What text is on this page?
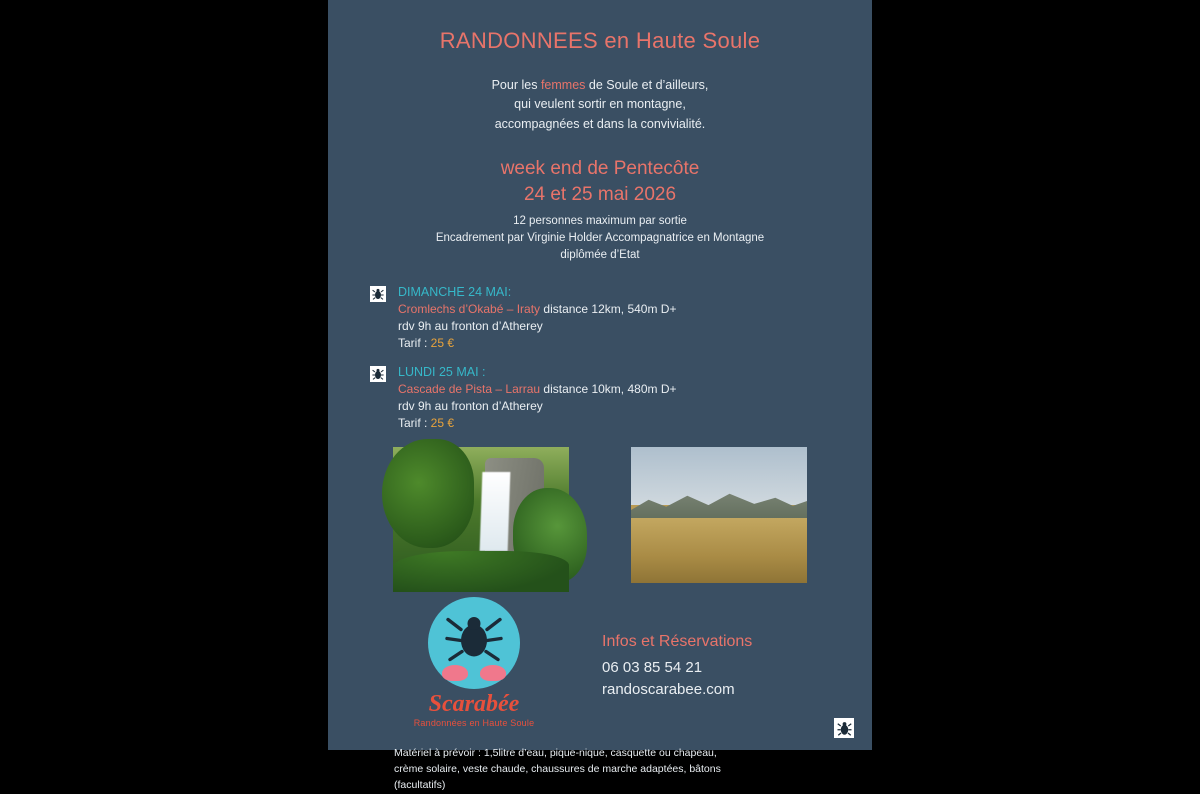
RANDONNEES en Haute Soule
Pour les femmes de Soule et d’ailleurs,
qui veulent sortir en montagne,
accompagnées et dans la convivialité.
week end de Pentecôte
24 et 25 mai 2026
12 personnes maximum par sortie
Encadrement par Virginie Holder Accompagnatrice en Montagne
diplômée d’Etat
DIMANCHE 24 MAI:
Cromlechs d’Okabé – Iraty distance 12km, 540m D+
rdv 9h au fronton d’Atherey
Tarif : 25 €
LUNDI 25 MAI :
Cascade de Pista – Larrau distance 10km, 480m D+
rdv 9h au fronton d’Atherey
Tarif : 25 €
Scarabée
Randonnées en Haute Soule
Infos et Réservations
06 03 85 54 21
randoscarabee.com
Matériel à prévoir : 1,5litre d’eau, pique-nique, casquette ou chapeau,
crème solaire, veste chaude, chaussures de marche adaptées, bâtons
(facultatifs)
